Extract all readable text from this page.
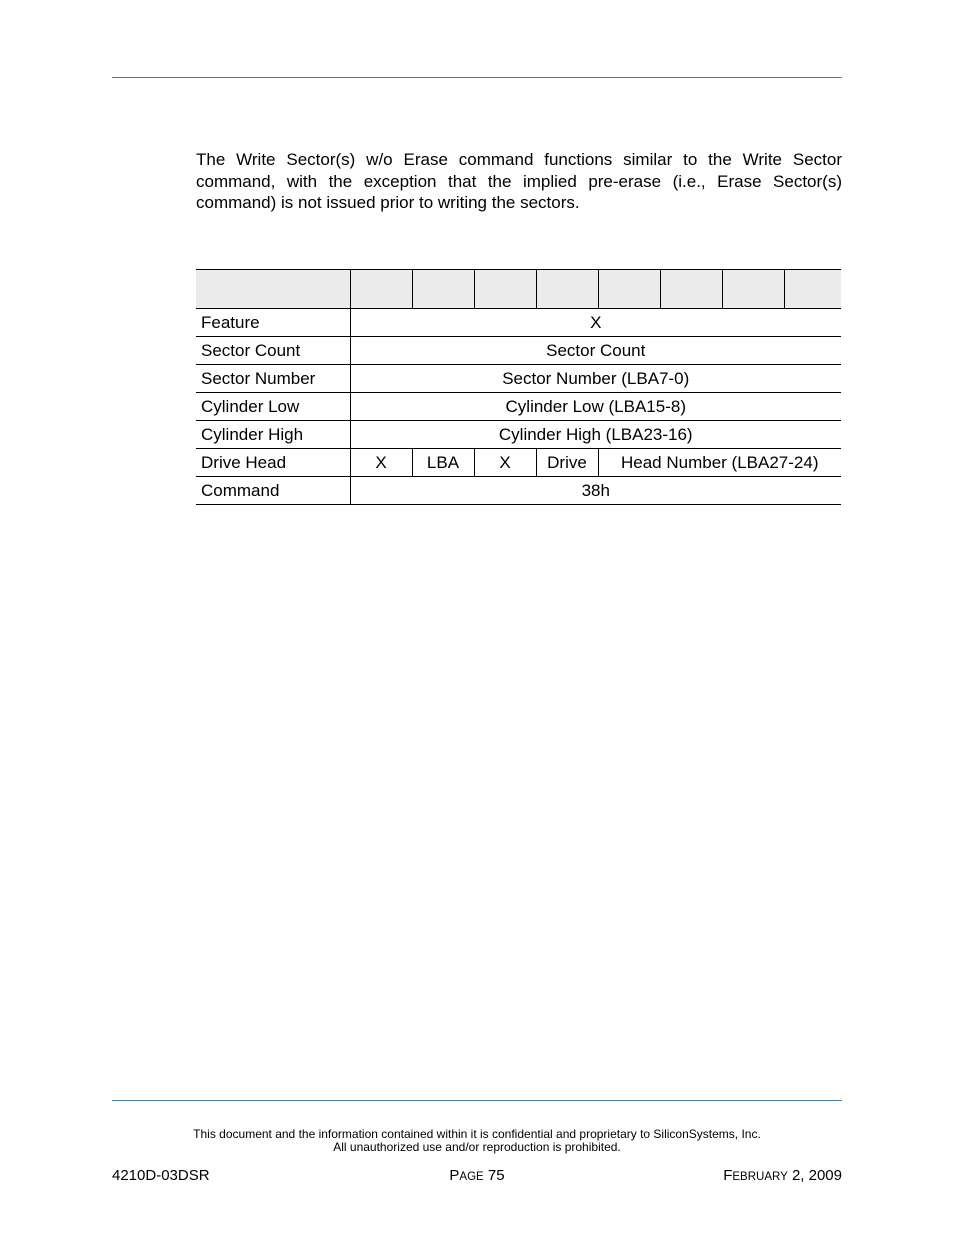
The Write Sector(s) w/o Erase command functions similar to the Write Sector command, with the exception that the implied pre-erase (i.e., Erase Sector(s) command) is not issued prior to writing the sectors.

Feature	X							
Sector Count	Sector Count							
Sector Number	Sector Number (LBA7-0)							
Cylinder Low	Cylinder Low (LBA15-8)							
Cylinder High	Cylinder High (LBA23-16)							
Drive Head	X	LBA	X	Drive	Head Number (LBA27-24)			
Command	38h							
This document and the information contained within it is confidential and proprietary to SiliconSystems, Inc.
All unauthorized use and/or reproduction is prohibited.
4210D-03DSR	PAGE 75	FEBRUARY 2, 2009
